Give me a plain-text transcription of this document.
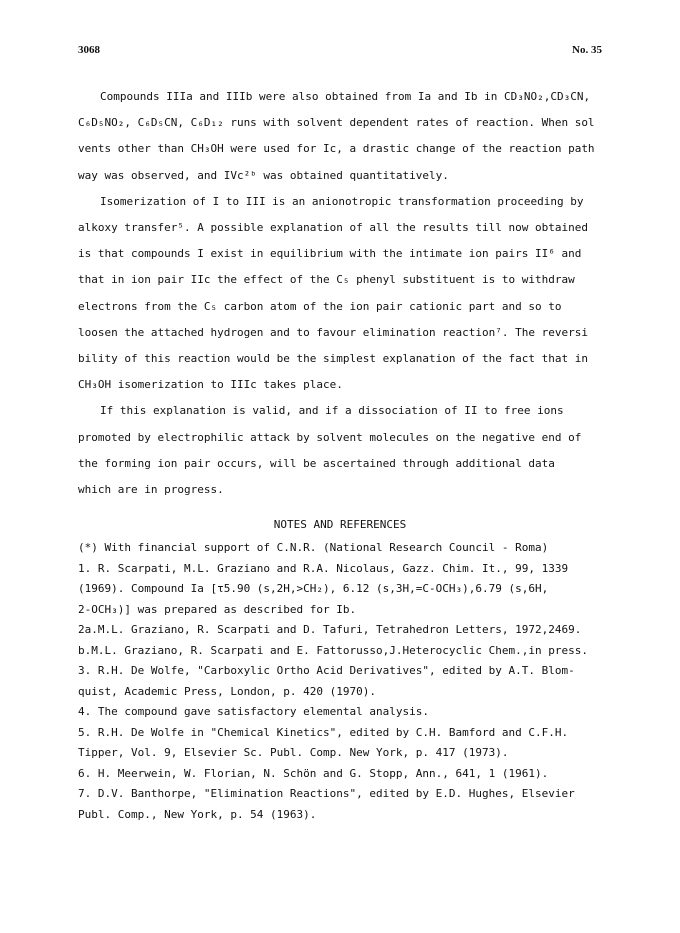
3068	No. 35
Compounds IIIa and IIIb were also obtained from Ia and Ib in CD₃NO₂,CD₃CN,
C₆D₅NO₂, C₆D₅CN, C₆D₁₂ runs with solvent dependent rates of reaction. When sol
vents other than CH₃OH were used for Ic, a drastic change of the reaction path
way was observed, and IVc²ᵇ was obtained quantitatively.
Isomerization of I to III is an anionotropic transformation proceeding by
alkoxy transfer⁵. A possible explanation of all the results till now obtained
is that compounds I exist in equilibrium with the intimate ion pairs II⁶ and
that in ion pair IIc the effect of the C₅ phenyl substituent is to withdraw
electrons from the C₅ carbon atom of the ion pair cationic part and so to
loosen the attached hydrogen and to favour elimination reaction⁷. The reversi
bility of this reaction would be the simplest explanation of the fact that in
CH₃OH isomerization to IIIc takes place.
If this explanation is valid, and if a dissociation of II to free ions
promoted by electrophilic attack by solvent molecules on the negative end of
the forming ion pair occurs, will be ascertained through additional data
which are in progress.
NOTES AND REFERENCES
(*) With financial support of C.N.R. (National Research Council - Roma)
1. R. Scarpati, M.L. Graziano and R.A. Nicolaus, Gazz. Chim. It., 99, 1339
(1969). Compound Ia [τ5.90 (s,2H,>CH₂), 6.12 (s,3H,=C-OCH₃),6.79 (s,6H,
2-OCH₃)] was prepared as described for Ib.
2a.M.L. Graziano, R. Scarpati and D. Tafuri, Tetrahedron Letters, 1972,2469.
b.M.L. Graziano, R. Scarpati and E. Fattorusso,J.Heterocyclic Chem.,in press.
3. R.H. De Wolfe, "Carboxylic Ortho Acid Derivatives", edited by A.T. Blom-
quist, Academic Press, London, p. 420 (1970).
4. The compound gave satisfactory elemental analysis.
5. R.H. De Wolfe in "Chemical Kinetics", edited by C.H. Bamford and C.F.H.
Tipper, Vol. 9, Elsevier Sc. Publ. Comp. New York, p. 417 (1973).
6. H. Meerwein, W. Florian, N. Schön and G. Stopp, Ann., 641, 1 (1961).
7. D.V. Banthorpe, "Elimination Reactions", edited by E.D. Hughes, Elsevier
Publ. Comp., New York, p. 54 (1963).
